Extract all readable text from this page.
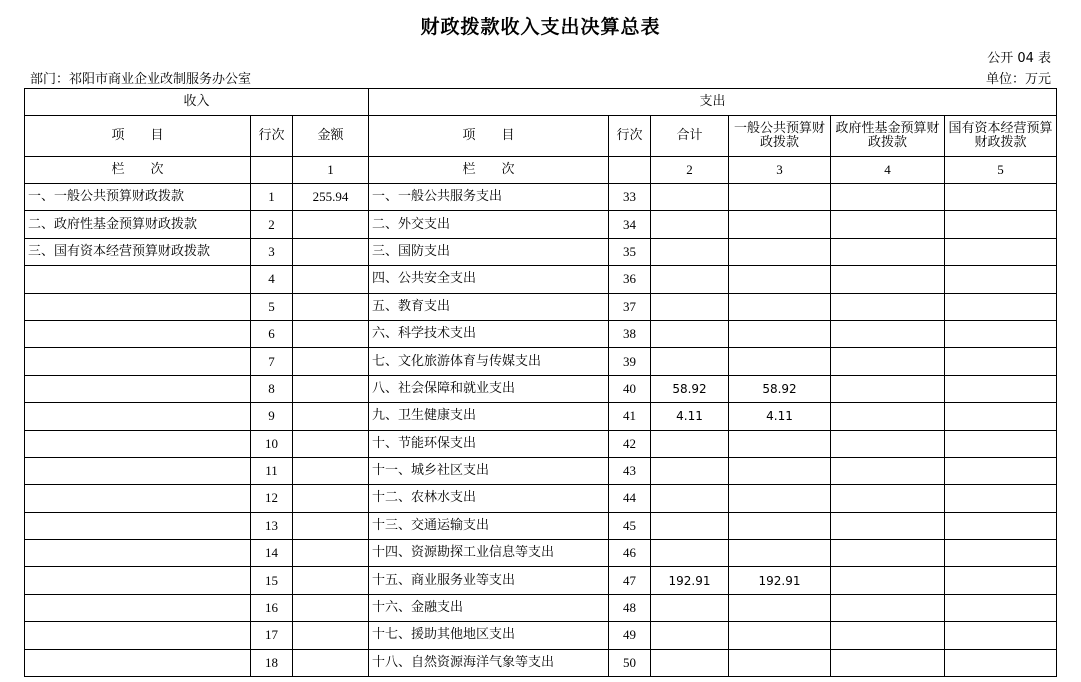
财政拨款收入支出决算总表
公开 04 表
部门：祁阳市商业企业改制服务办公室	单位：万元
收入			支出					
项　　目	行次	金额	项　　目	行次	合计	一般公共预算财政拨款	政府性基金预算财政拨款	国有资本经营预算财政拨款
栏　　次		1	栏　　次		2	3	4	5
一、一般公共预算财政拨款	1	255.94	一、一般公共服务支出	33				
二、政府性基金预算财政拨款	2		二、外交支出	34				
三、国有资本经营预算财政拨款	3		三、国防支出	35				
	4		四、公共安全支出	36				
	5		五、教育支出	37				
	6		六、科学技术支出	38				
	7		七、文化旅游体育与传媒支出	39				
	8		八、社会保障和就业支出	40	58.92	58.92		
	9		九、卫生健康支出	41	4.11	4.11		
	10		十、节能环保支出	42				
	11		十一、城乡社区支出	43				
	12		十二、农林水支出	44				
	13		十三、交通运输支出	45				
	14		十四、资源勘探工业信息等支出	46				
	15		十五、商业服务业等支出	47	192.91	192.91		
	16		十六、金融支出	48				
	17		十七、援助其他地区支出	49				
	18		十八、自然资源海洋气象等支出	50				
